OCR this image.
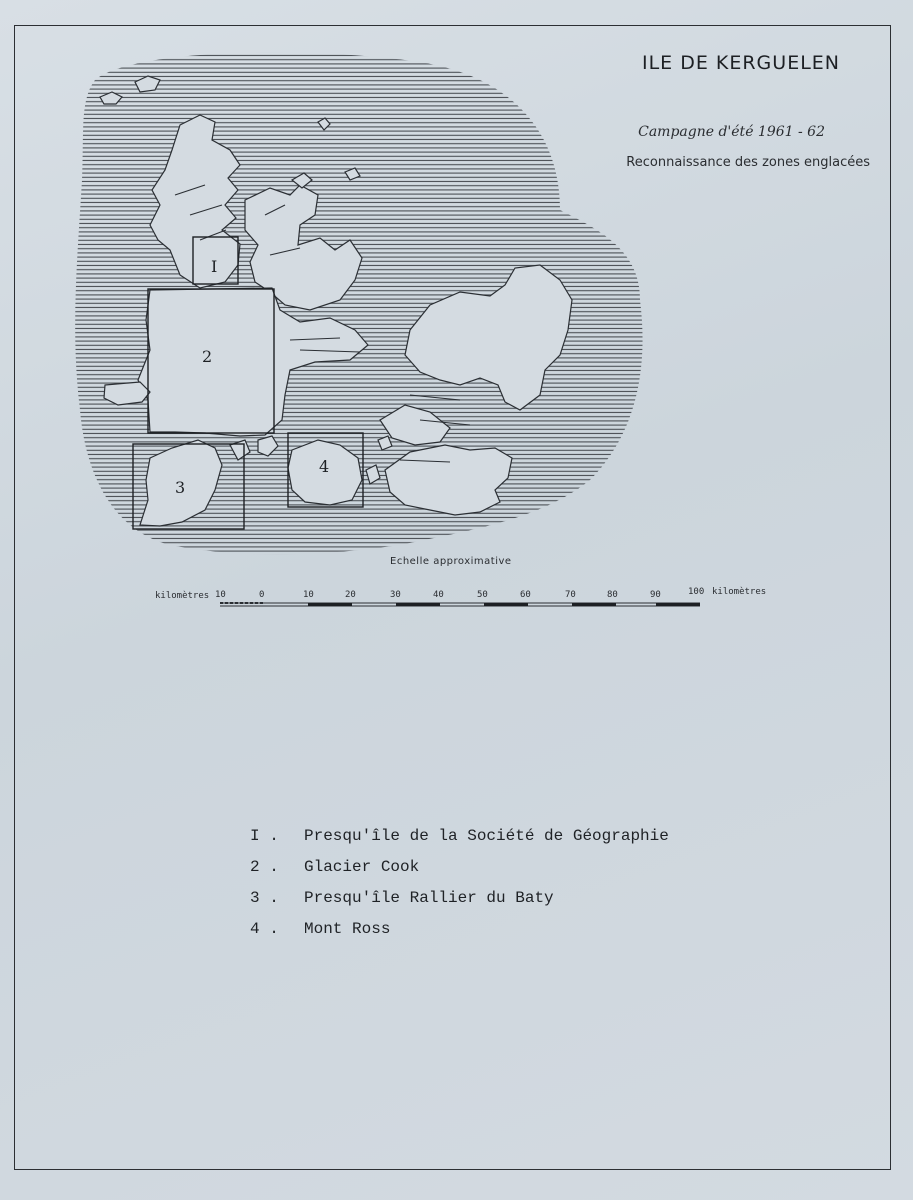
ILE DE KERGUELEN
Campagne d'été 1961 - 62
Reconnaissance des zones englacées
I
2
3
4
kilomètres	kilomètres
10	0	10	20	30	40	50	60	70	80	90	100
Echelle approximative
I .	Presqu'île de la Société de Géographie
2 .	Glacier Cook
3 .	Presqu'île Rallier du Baty
4 .	Mont Ross
